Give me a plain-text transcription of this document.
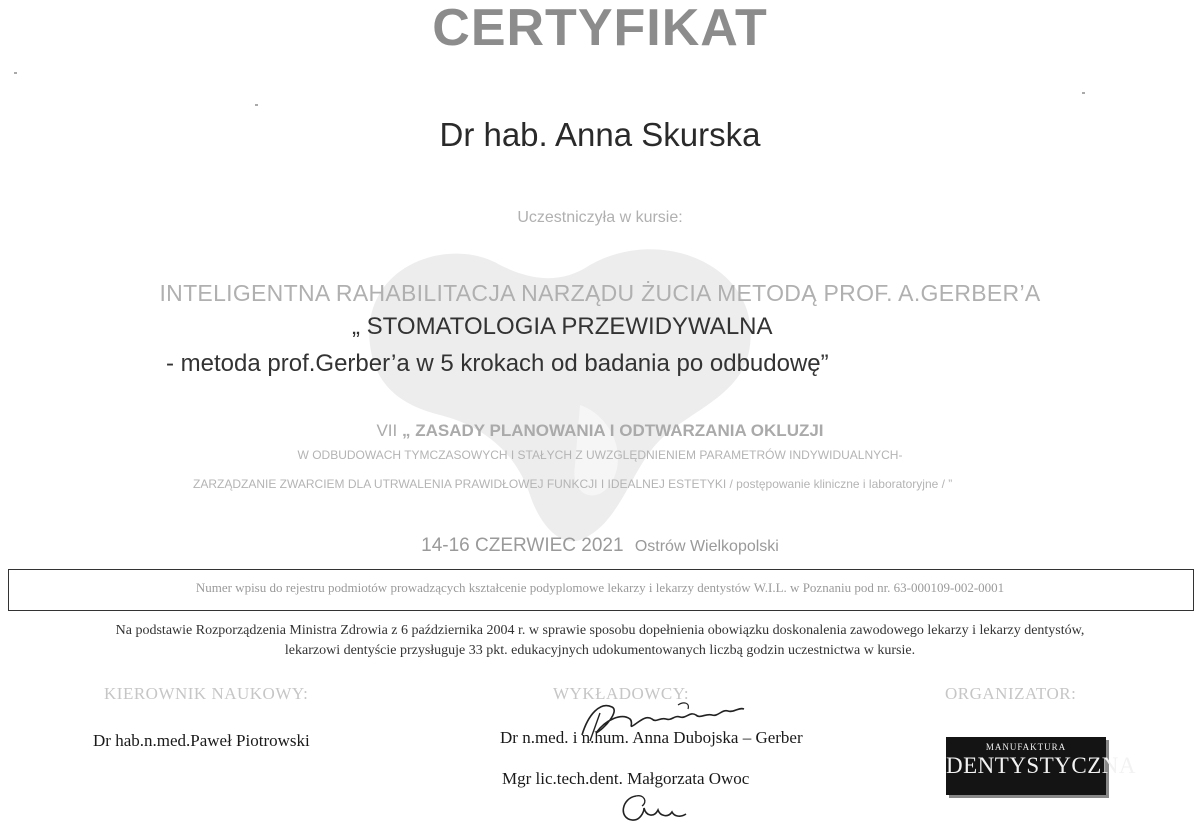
CERTYFIKAT
Dr hab. Anna Skurska
Uczestniczyła w kursie:
INTELIGENTNA RAHABILITACJA NARZĄDU ŻUCIA METODĄ PROF. A.GERBER’A
„ STOMATOLOGIA PRZEWIDYWALNA
- metoda prof.Gerber’a w 5 krokach od badania po odbudowę”
VII „ ZASADY PLANOWANIA I ODTWARZANIA OKLUZJI
W ODBUDOWACH TYMCZASOWYCH I STAŁYCH Z UWZGLĘDNIENIEM PARAMETRÓW INDYWIDUALNYCH-
ZARZĄDZANIE ZWARCIEM DLA UTRWALENIA PRAWIDŁOWEJ FUNKCJI I IDEALNEJ ESTETYKI / postępowanie kliniczne i laboratoryjne / ”
14-16 CZERWIEC 2021 Ostrów Wielkopolski
Numer wpisu do rejestru podmiotów prowadzących kształcenie podyplomowe lekarzy i lekarzy dentystów W.I.L. w Poznaniu pod nr. 63-000109-002-0001
Na podstawie Rozporządzenia Ministra Zdrowia z 6 października 2004 r. w sprawie sposobu dopełnienia obowiązku doskonalenia zawodowego lekarzy i lekarzy dentystów,
lekarzowi dentyście przysługuje 33 pkt. edukacyjnych udokumentowanych liczbą godzin uczestnictwa w kursie.
KIEROWNIK NAUKOWY:	WYKŁADOWCY:	ORGANIZATOR:
Dr hab.n.med.Paweł Piotrowski	Dr n.med. i n.hum. Anna Dubojska – Gerber
Mgr lic.tech.dent. Małgorzata Owoc
MANUFAKTURA
DENTYSTYCZNA
